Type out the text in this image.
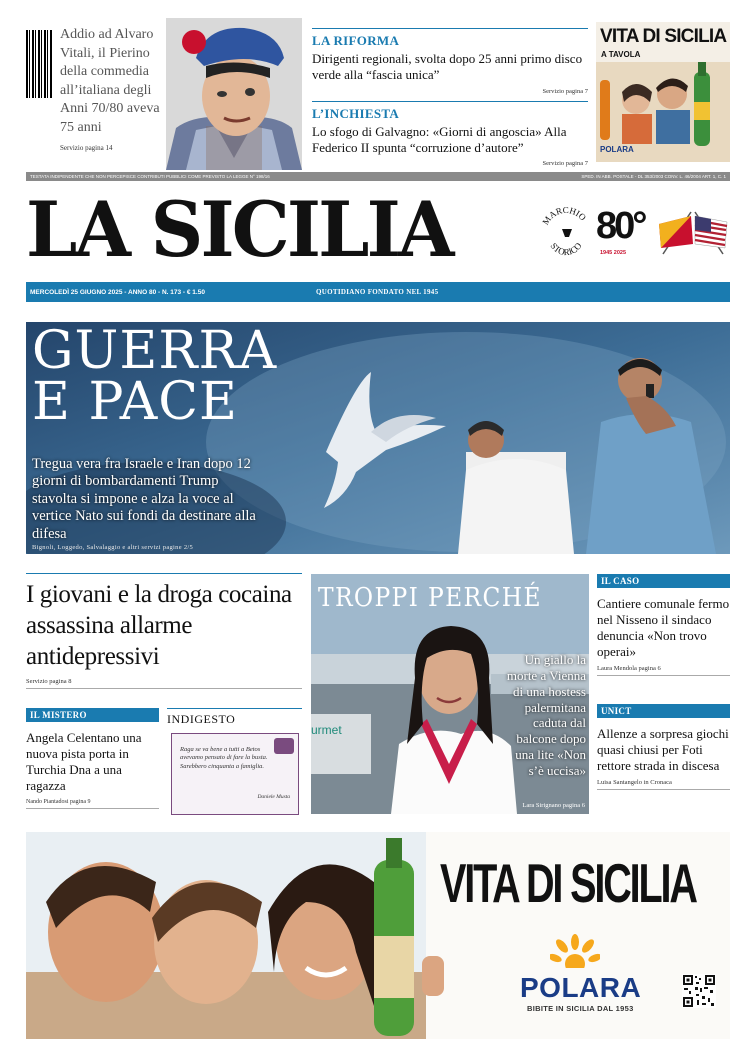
Addio ad Alvaro Vitali, il Pierino della commedia all’italiana degli Anni 70/80 aveva 75 anni
Servizio pagina 14
LA RIFORMA
Dirigenti regionali, svolta dopo 25 anni primo disco verde alla “fascia unica”
Servizio pagina 7
L’INCHIESTA
Lo sfogo di Galvagno: «Giorni di angoscia» Alla Federico II spunta “corruzione d’autore”
Servizio pagina 7
VITA DI SICILIA
A TAVOLA
POLARA
TESTATA INDIPENDENTE CHE NON PERCEPISCE CONTRIBUTI PUBBLICI COME PREVISTO LA LEGGE N° 198/16	SPED. IN ABB. POSTALE - DL 353/2003 CONV. L. 46/2004 ART. 1, C. 1
LA SICILIA	MARCHIO
STORICO 80°
1945 2025
MERCOLEDÌ 25 GIUGNO 2025 - ANNO 80 - N. 173 - € 1.50	QUOTIDIANO FONDATO NEL 1945
GUERRA
E PACE
Tregua vera fra Israele e Iran dopo 12 giorni di bombardamenti Trump stavolta si impone e alza la voce al vertice Nato sui fondi da destinare alla difesa
Bignoli, Loggedo, Salvalaggio e altri servizi pagine 2/5
I giovani e la droga cocaina assassina allarme antidepressivi
Servizio pagina 8
IL MISTERO
Angela Celentano una nuova pista porta in Turchia Dna a una ragazza
Nando Piantadosi pagina 9
INDIGESTO
Raga se va bene a tutti a Betos avevamo pensato di fare la busta. Sarebbero cinquanta a famiglia.
Daniele Musta
urmet
TROPPI PERCHÉ
Un giallo la morte a Vienna di una hostess palermitana caduta dal balcone dopo una lite «Non s’è uccisa»
Lara Sirignano pagina 6
IL CASO
Cantiere comunale fermo nel Nisseno il sindaco denuncia «Non trovo operai»
Laura Mendola pagina 6
UNICT
Allenze a sorpresa giochi quasi chiusi per Foti rettore strada in discesa
Luisa Santangelo in Cronaca
VITA DI SICILIA
POLARA
BIBITE IN SICILIA DAL 1953
